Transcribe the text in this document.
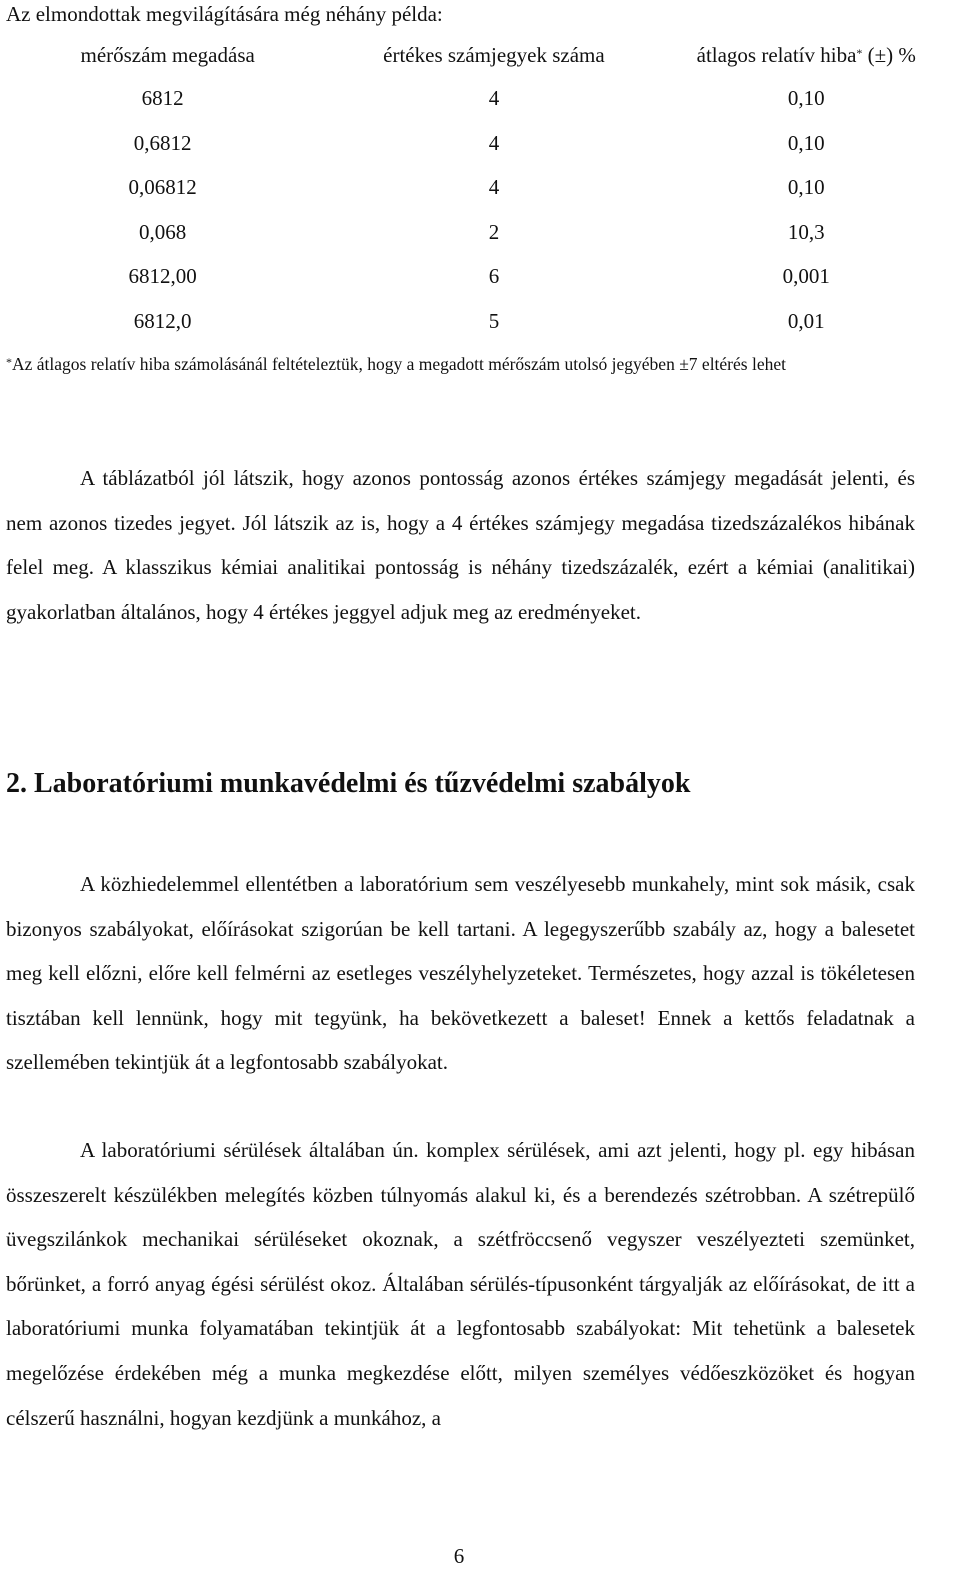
Az elmondottak megvilágítására még néhány példa:
mérőszám megadása	értékes számjegyek száma	átlagos relatív hiba* (±) %
6812	4	0,10
0,6812	4	0,10
0,06812	4	0,10
0,068	2	10,3
6812,00	6	0,001
6812,0	5	0,01
*Az átlagos relatív hiba számolásánál feltételeztük, hogy a megadott mérőszám utolsó jegyében ±7 eltérés lehet

A táblázatból jól látszik, hogy azonos pontosság azonos értékes számjegy megadását jelenti, és nem azonos tizedes jegyet. Jól látszik az is, hogy a 4 értékes számjegy megadása tizedszázalékos hibának felel meg. A klasszikus kémiai analitikai pontosság is néhány tizedszázalék, ezért a kémiai (analitikai) gyakorlatban általános, hogy 4 értékes jeggyel adjuk meg az eredményeket.

2. Laboratóriumi munkavédelmi és tűzvédelmi szabályok

A közhiedelemmel ellentétben a laboratórium sem veszélyesebb munkahely, mint sok másik, csak bizonyos szabályokat, előírásokat szigorúan be kell tartani. A legegyszerűbb szabály az, hogy a balesetet meg kell előzni, előre kell felmérni az esetleges veszélyhelyzeteket. Természetes, hogy azzal is tökéletesen tisztában kell lennünk, hogy mit tegyünk, ha bekövetkezett a baleset! Ennek a kettős feladatnak a szellemében tekintjük át a legfontosabb szabályokat.

A laboratóriumi sérülések általában ún. komplex sérülések, ami azt jelenti, hogy pl. egy hibásan összeszerelt készülékben melegítés közben túlnyomás alakul ki, és a berendezés szétrobban. A szétrepülő üvegszilánkok mechanikai sérüléseket okoznak, a szétfröccsenő vegyszer veszélyezteti szemünket, bőrünket, a forró anyag égési sérülést okoz. Általában sérülés-típusonként tárgyalják az előírásokat, de itt a laboratóriumi munka folyamatában tekintjük át a legfontosabb szabályokat: Mit tehetünk a balesetek megelőzése érdekében még a munka megkezdése előtt, milyen személyes védőeszközöket és hogyan célszerű használni, hogyan kezdjünk a munkához, a

6
